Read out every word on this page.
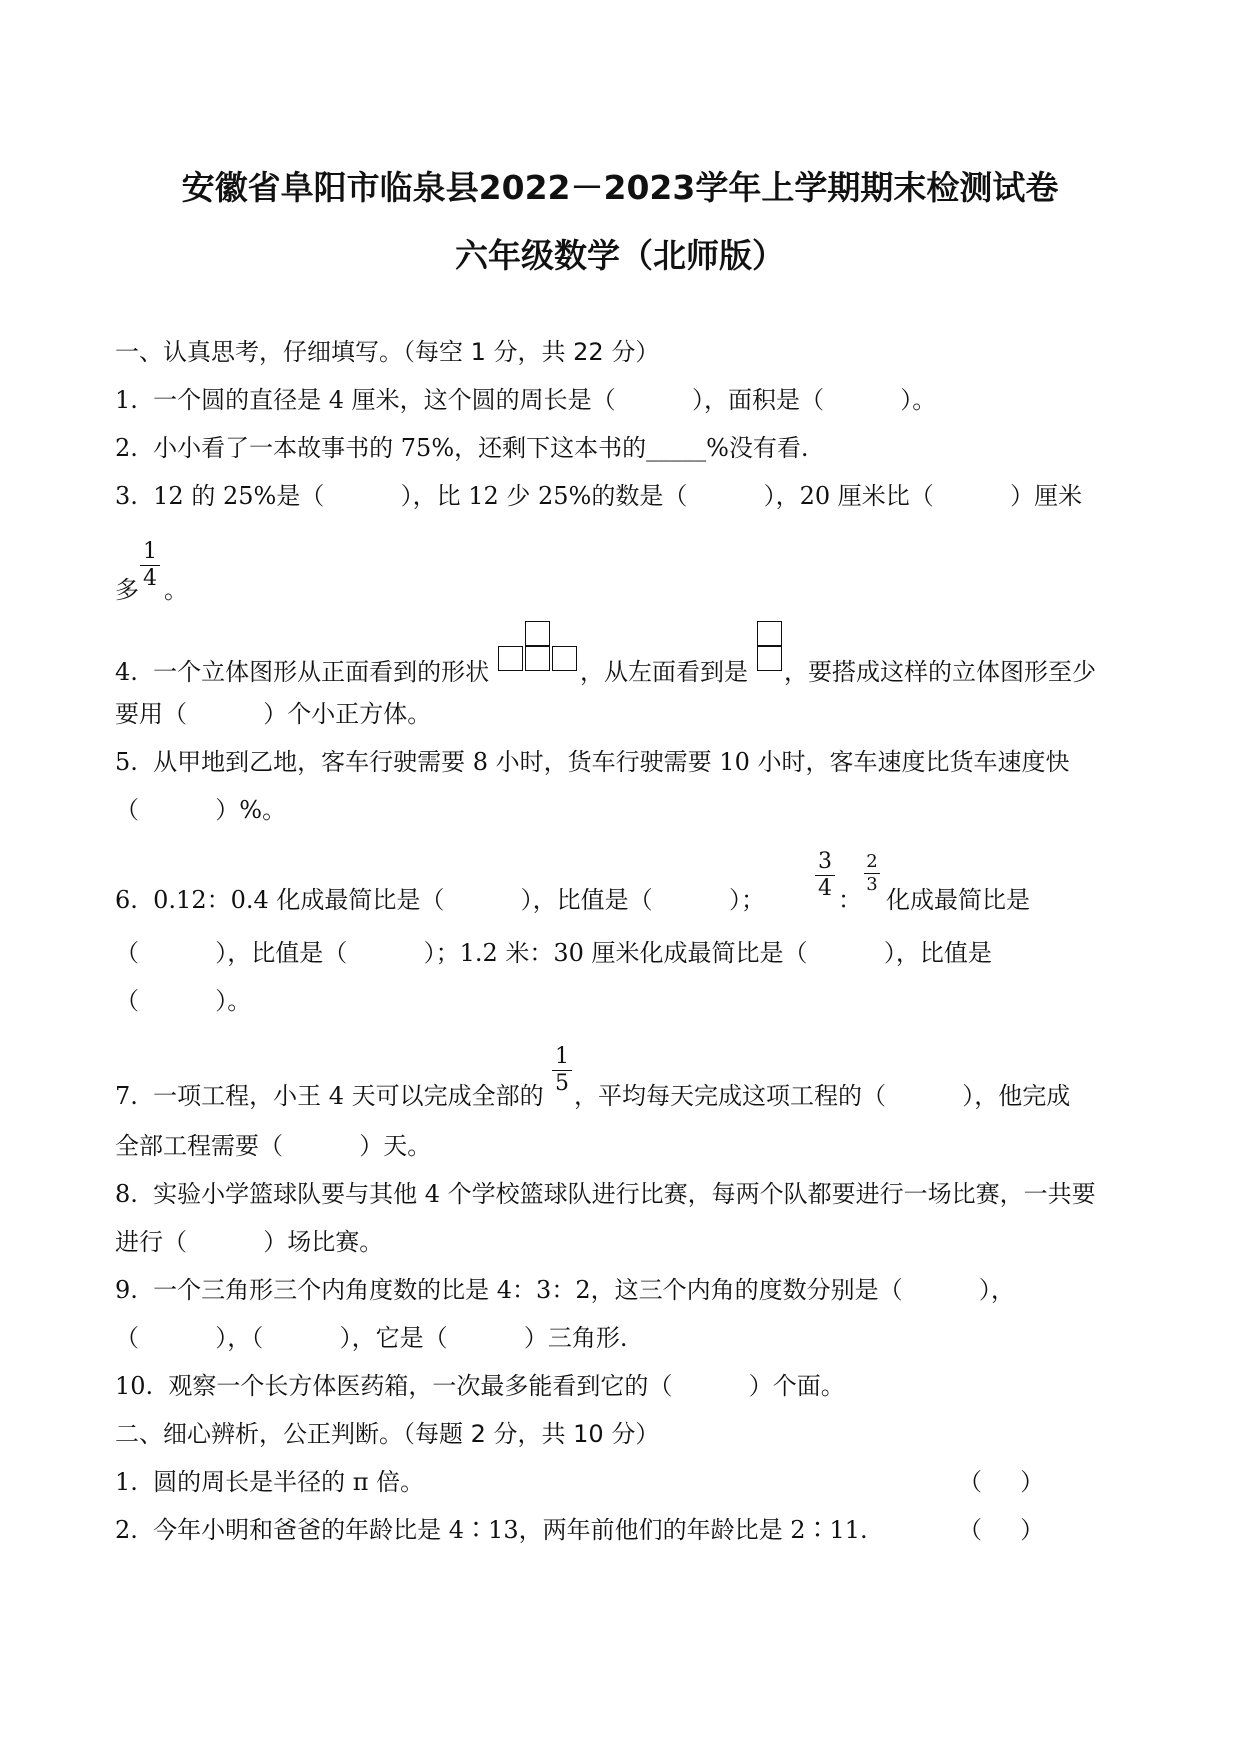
安徽省阜阳市临泉县2022－2023学年上学期期末检测试卷
六年级数学（北师版）
一、认真思考，仔细填写。（每空 1 分，共 22 分）
1.  一个圆的直径是 4 厘米，这个圆的周长是（          ），面积是（          ）。
2.  小小看了一本故事书的 75%，还剩下这本书的_____%没有看.
3.  12 的 25%是（          ），比 12 少 25%的数是（          ），20 厘米比（          ）厘米
多
1
4 。
4.  一个立体图形从正面看到的形状	，从左面看到是 ，要搭成这样的立体图形至少
要用（          ）个小正方体。
5.  从甲地到乙地，客车行驶需要 8 小时，货车行驶需要 10 小时，客车速度比货车速度快
（          ）%。
6.  0.12：0.4 化成最简比是（          ），比值是（          ）；
3
4 ：
2
3
化成最简比是
（          ），比值是（          ）；1.2 米：30 厘米化成最简比是（          ），比值是
（          ）。
7.  一项工程，小王 4 天可以完成全部的
1
5 ，平均每天完成这项工程的（          ），他完成
全部工程需要（          ）天。
8.  实验小学篮球队要与其他 4 个学校篮球队进行比赛，每两个队都要进行一场比赛，一共要
进行（          ）场比赛。
9.  一个三角形三个内角度数的比是 4：3：2，这三个内角的度数分别是（          ），
（          ），（          ），它是（          ）三角形.
10.  观察一个长方体医药箱，一次最多能看到它的（          ）个面。
二、细心辨析，公正判断。（每题 2 分，共 10 分）
1.  圆的周长是半径的 π 倍。	（     ）
2.  今年小明和爸爸的年龄比是 4∶13，两年前他们的年龄比是 2∶11.	（     ）
